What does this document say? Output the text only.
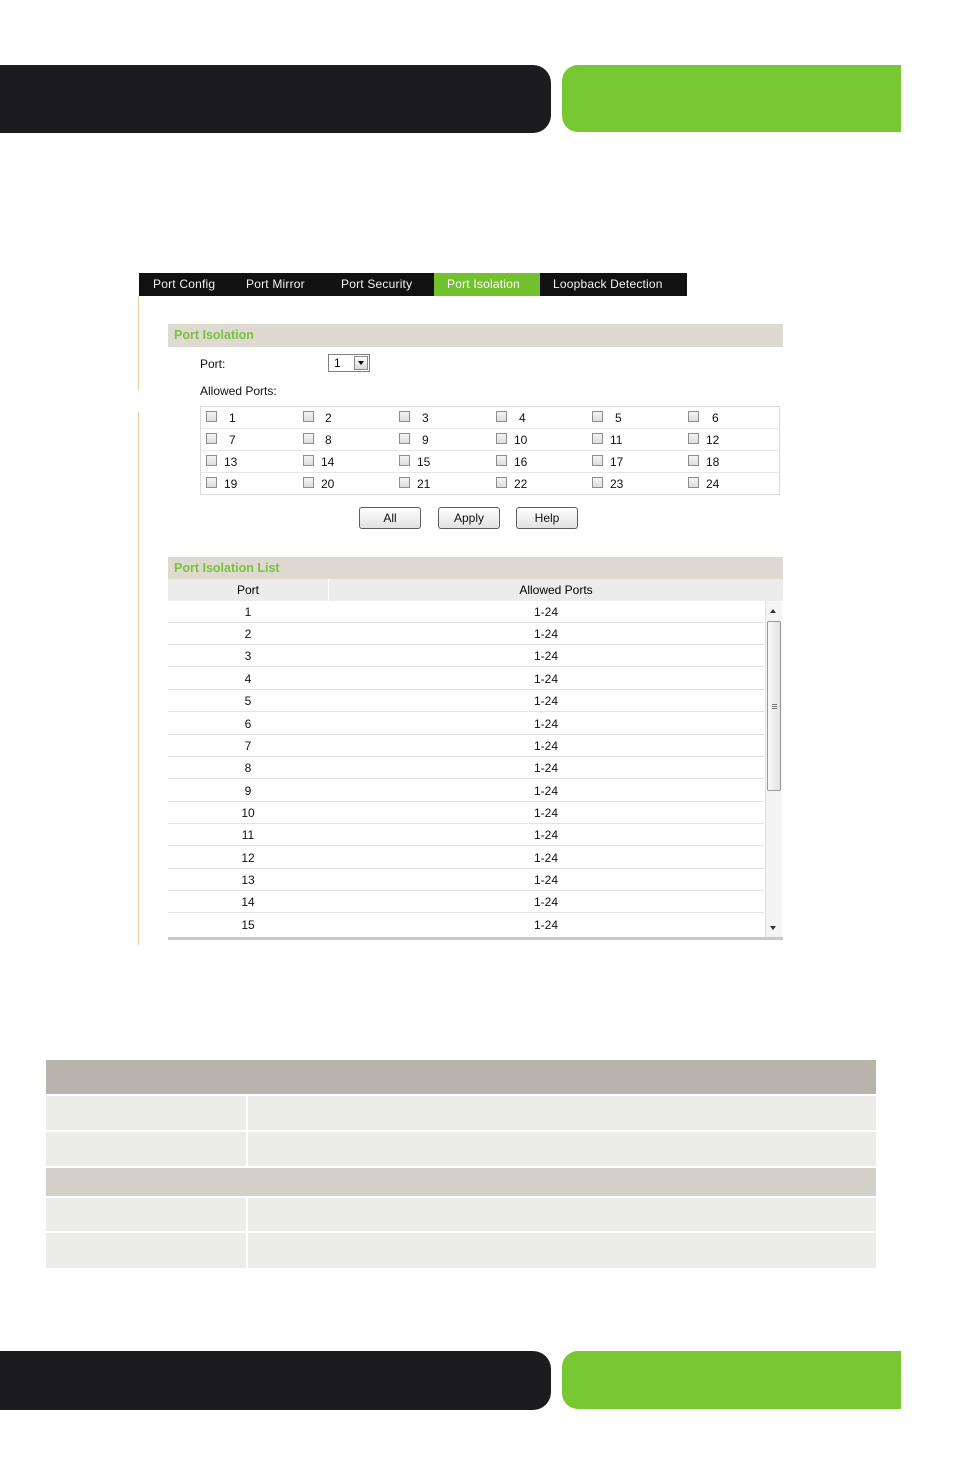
Port Config	Port Mirror	Port Security	Port Isolation	Loopback Detection
Port Isolation
Port:	1
Allowed Ports:
1	2	3	4	5	6
7	8	9	10	11	12
13	14	15	16	17	18
19	20	21	22	23	24
All	Apply	Help
Port Isolation List
Port	Allowed Ports
1	1-24
2	1-24
3	1-24
4	1-24
5	1-24
6	1-24
7	1-24
8	1-24
9	1-24
10	1-24
11	1-24
12	1-24
13	1-24
14	1-24
15	1-24
